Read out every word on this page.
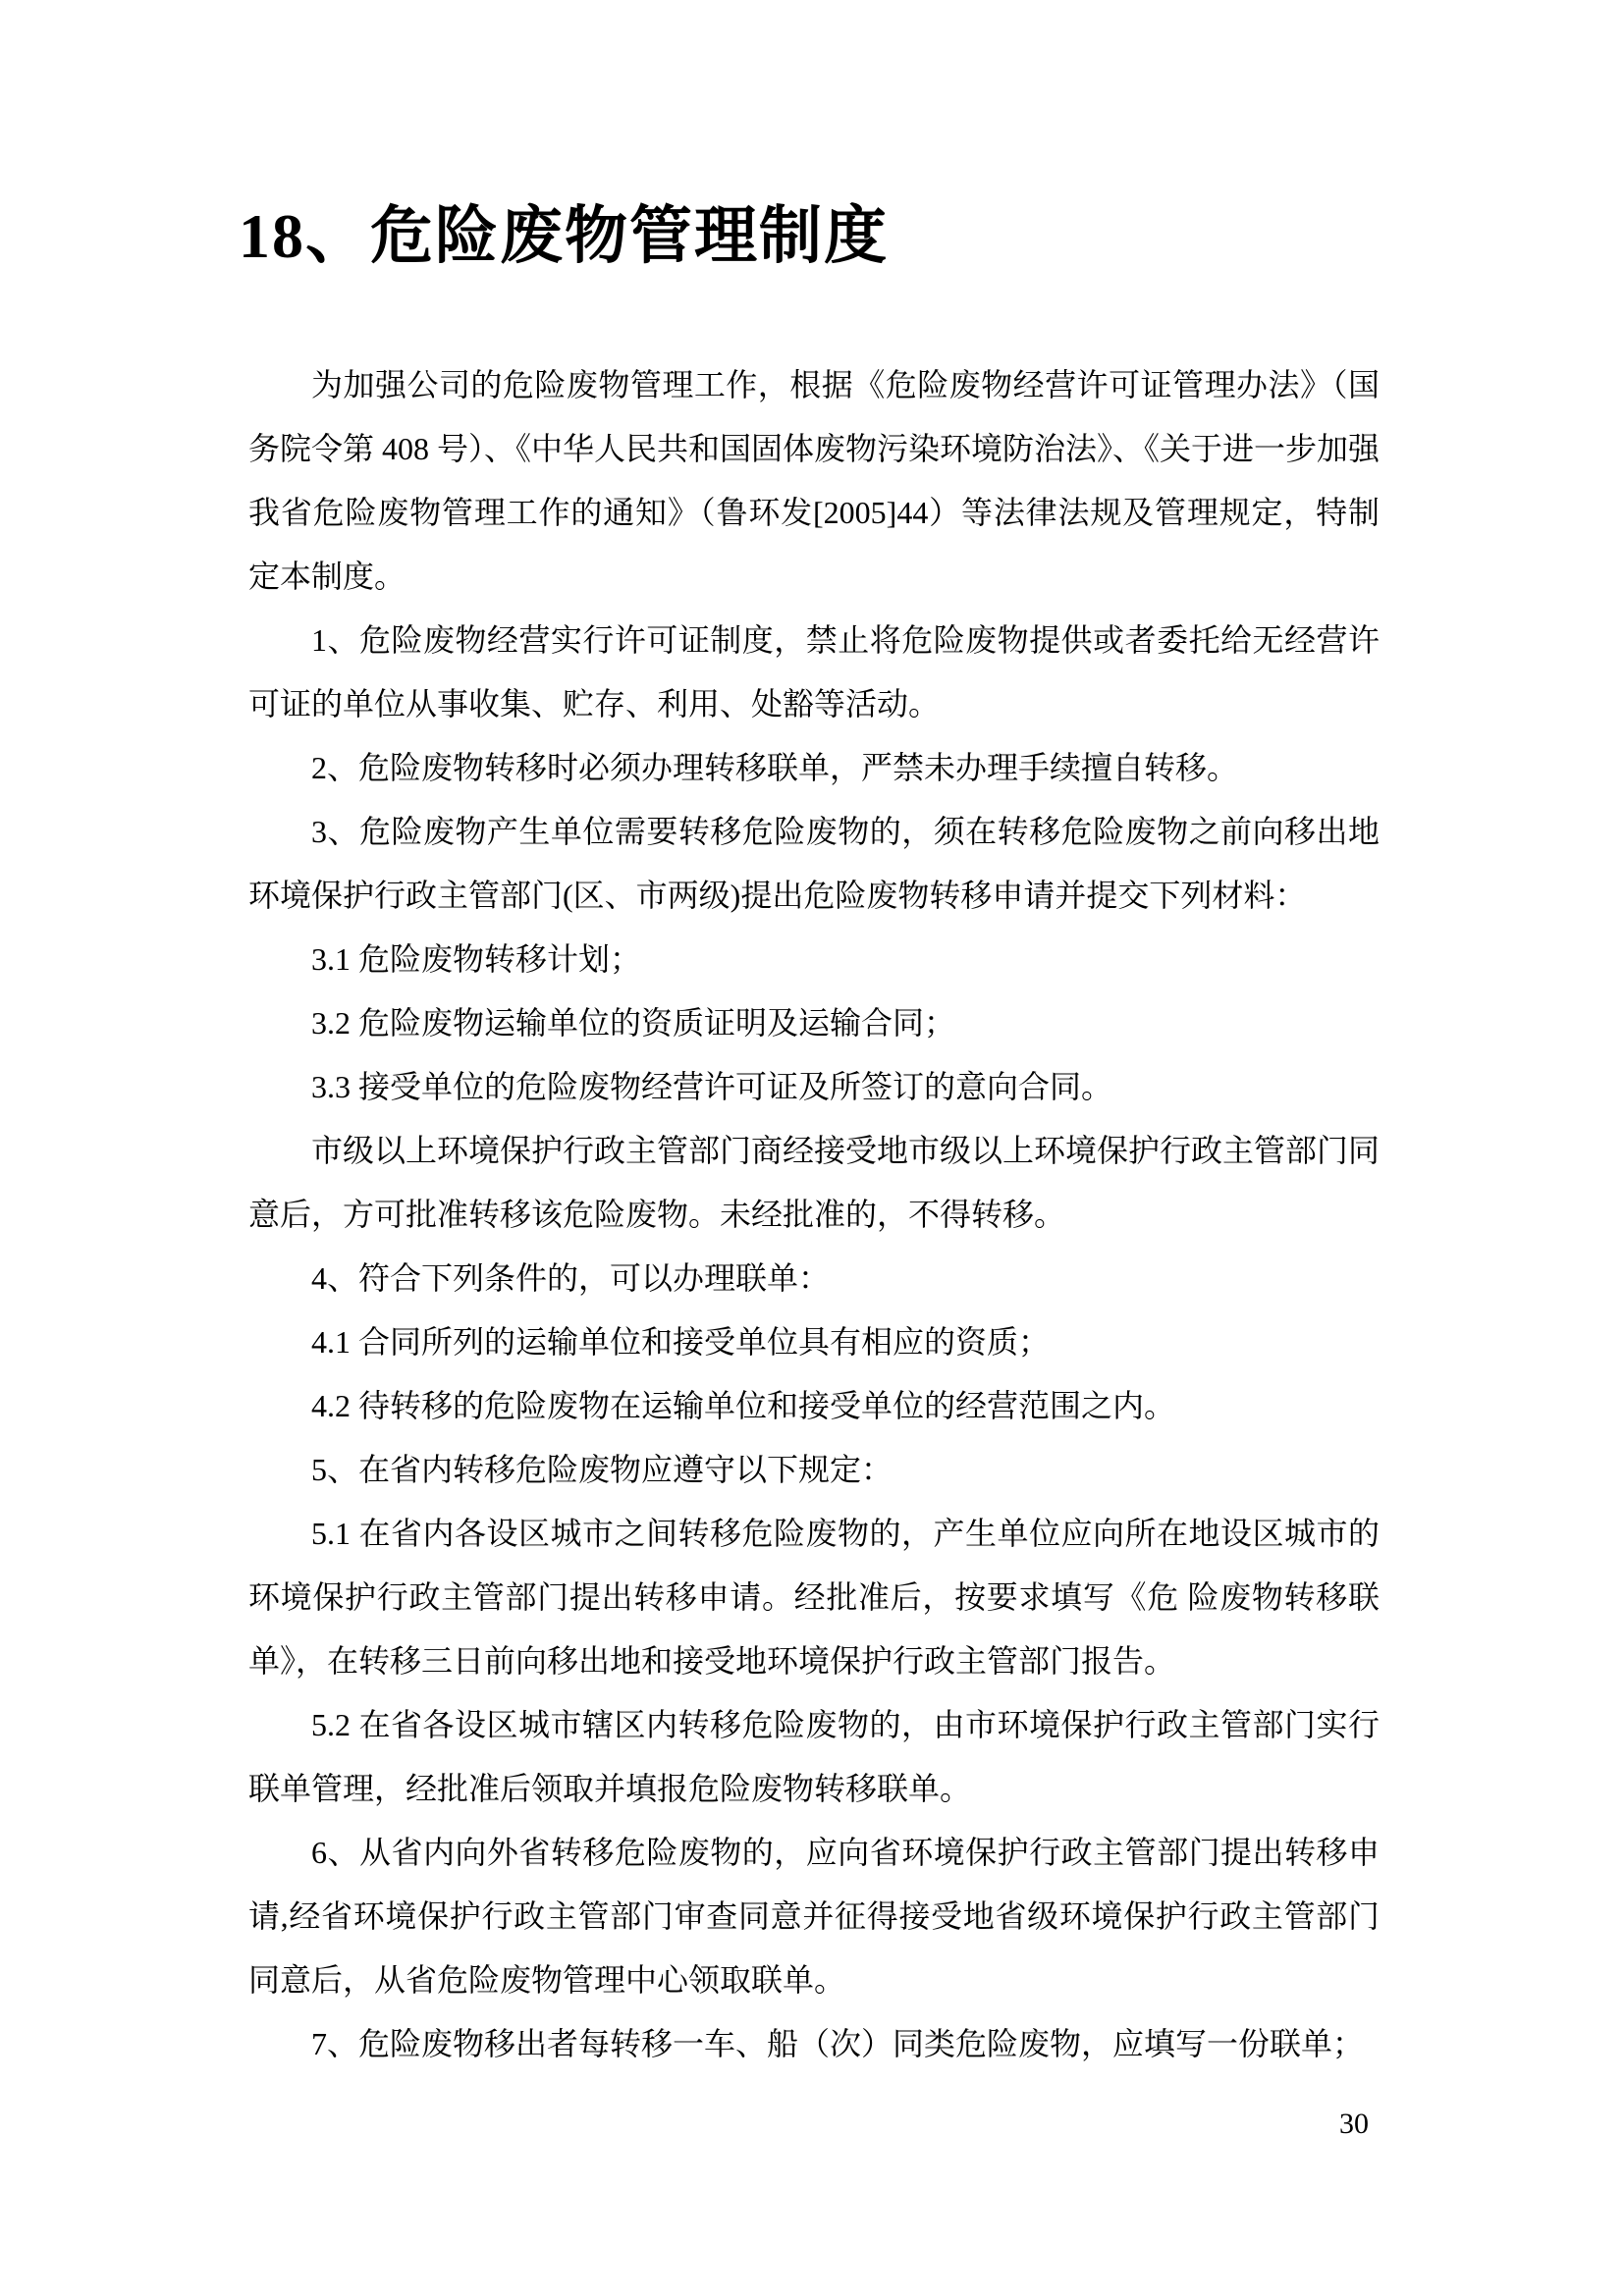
18、危险废物管理制度

为加强公司的危险废物管理工作，根据《危险废物经营许可证管理办法》（国务院令第 408 号）、《中华人民共和国固体废物污染环境防治法》、《关于进一步加强我省危险废物管理工作的通知》（鲁环发[2005]44）等法律法规及管理规定，特制定本制度。

1、危险废物经营实行许可证制度，禁止将危险废物提供或者委托给无经营许可证的单位从事收集、贮存、利用、处豁等活动。

2、危险废物转移时必须办理转移联单，严禁未办理手续擅自转移。

3、危险废物产生单位需要转移危险废物的，须在转移危险废物之前向移出地环境保护行政主管部门(区、市两级)提出危险废物转移申请并提交下列材料：

3.1 危险废物转移计划；

3.2 危险废物运输单位的资质证明及运输合同；

3.3 接受单位的危险废物经营许可证及所签订的意向合同。

市级以上环境保护行政主管部门商经接受地市级以上环境保护行政主管部门同意后，方可批准转移该危险废物。未经批准的，不得转移。

4、符合下列条件的，可以办理联单：

4.1 合同所列的运输单位和接受单位具有相应的资质；

4.2 待转移的危险废物在运输单位和接受单位的经营范围之内。

5、在省内转移危险废物应遵守以下规定：

5.1 在省内各设区城市之间转移危险废物的，产生单位应向所在地设区城市的环境保护行政主管部门提出转移申请。经批准后，按要求填写《危 险废物转移联单》，在转移三日前向移出地和接受地环境保护行政主管部门报告。

5.2 在省各设区城市辖区内转移危险废物的，由市环境保护行政主管部门实行联单管理，经批准后领取并填报危险废物转移联单。

6、从省内向外省转移危险废物的，应向省环境保护行政主管部门提出转移申请,经省环境保护行政主管部门审查同意并征得接受地省级环境保护行政主管部门同意后，从省危险废物管理中心领取联单。

7、危险废物移出者每转移一车、船（次）同类危险废物，应填写一份联单；

30
